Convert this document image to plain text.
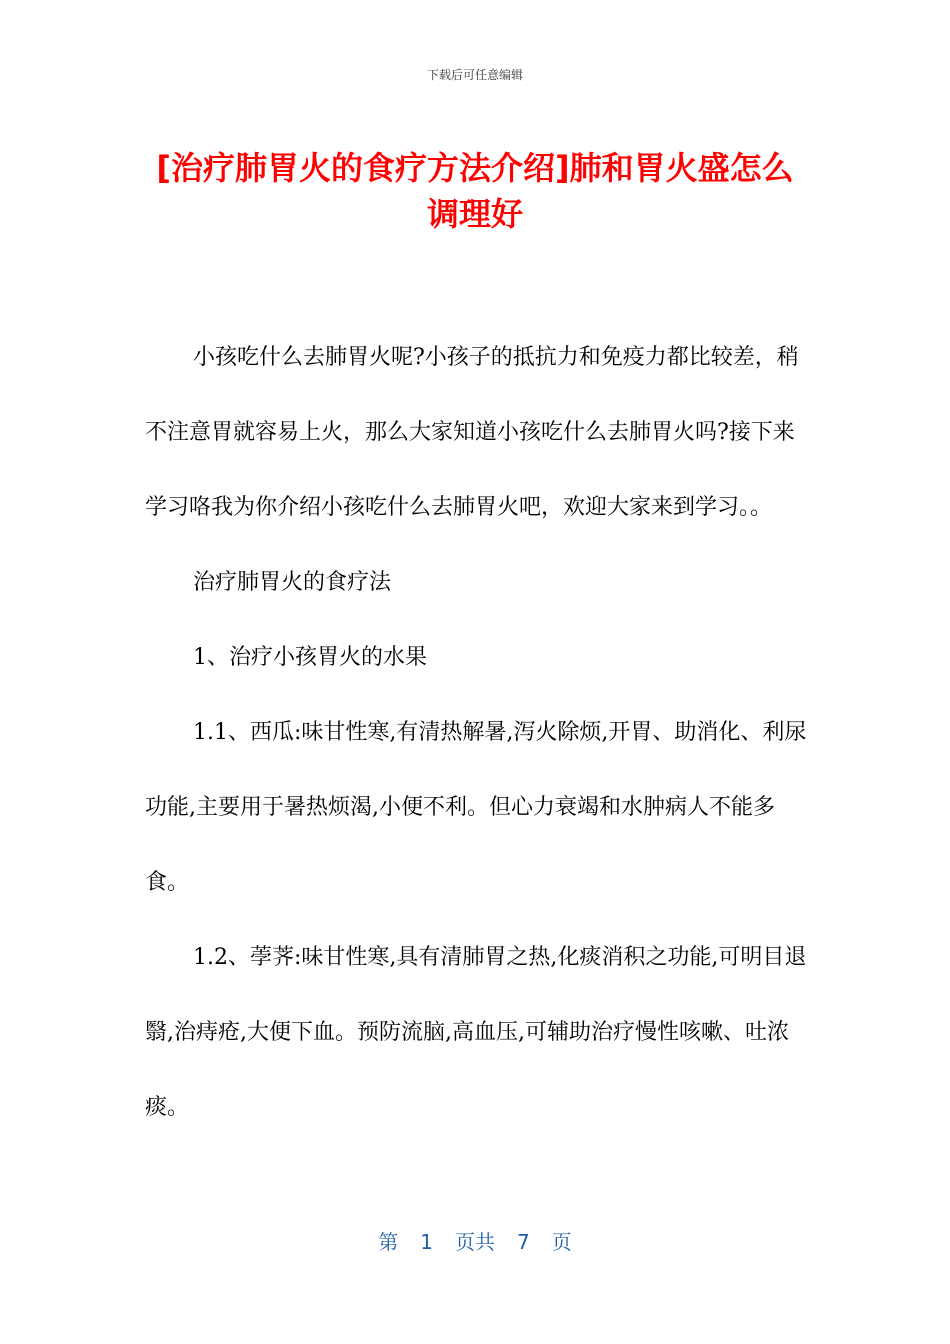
下载后可任意编辑
[治疗肺胃火的食疗方法介绍]肺和胃火盛怎么调理好

小孩吃什么去肺胃火呢?小孩子的抵抗力和免疫力都比较差，稍不注意胃就容易上火，那么大家知道小孩吃什么去肺胃火吗?接下来学习咯我为你介绍小孩吃什么去肺胃火吧，欢迎大家来到学习。。

治疗肺胃火的食疗法

1、治疗小孩胃火的水果

1.1、西瓜:味甘性寒,有清热解暑,泻火除烦,开胃、助消化、利尿功能,主要用于暑热烦渴,小便不利。但心力衰竭和水肿病人不能多食。

1.2、荸荠:味甘性寒,具有清肺胃之热,化痰消积之功能,可明目退翳,治痔疮,大便下血。预防流脑,高血压,可辅助治疗慢性咳嗽、吐浓痰。

第 1 页共 7 页
